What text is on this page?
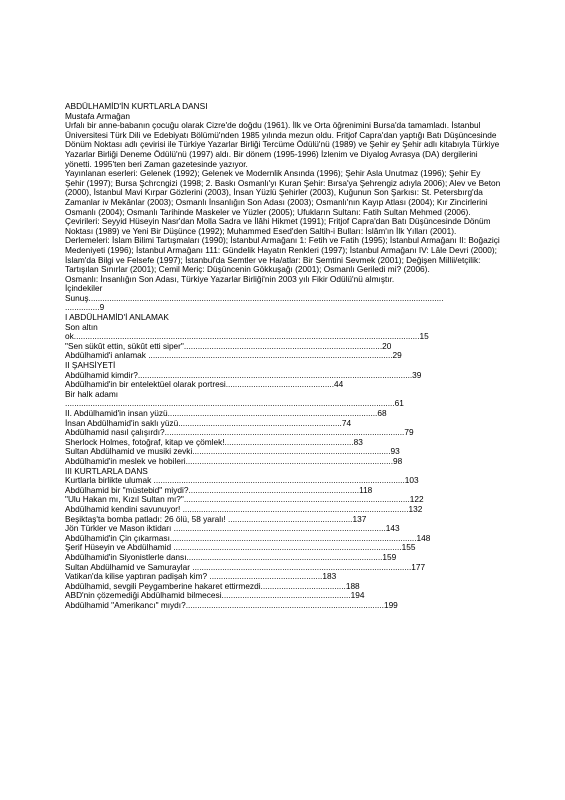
ABDÜLHAMİD'İN KURTLARLA DANSI

Mustafa Armağan

Urfalı bir anne-babanın çocuğu olarak Cizre'de doğdu (1961). İlk ve Orta öğrenimini Bursa'da tamamladı. İstanbul Üniversitesi Türk Dili ve Edebiyatı Bölümü'nden 1985 yılında mezun oldu. Fritjof Capra'dan yaptığı Batı Düşüncesinde Dönüm Noktası adlı çevirisi ile Türkiye Yazarlar Birliği Tercüme Ödülü'nü (1989) ve Şehir ey Şehir adlı kitabıyla Türkiye Yazarlar Birliği Deneme Ödülü'nü (1997) aldı. Bir dönem (1995-1996) İzlenim ve Diyalog Avrasya (DA) dergilerini yönetti. 1995'ten beri Zaman gazetesinde yazıyor.

Yayınlanan eserleri: Gelenek (1992); Gelenek ve Modernlik Ansında (1996); Şehir Asla Unutmaz (1996); Şehir Ey Şehir (1997); Bursa Şchrcngizi (1998; 2. Baskı Osmanlı'yı Kuran Şehir: Bırsa'ya Şehrengiz adıyla 2006); Alev ve Beton (2000), İstanbul Mavi Kırpar Gözlerini (2003), İnsan Yüzlü Şehirler (2003), Kuğunun Son Şarkısı: St. Petersbırg'da Zamanlar iv Mekânlar (2003); Osmanlı İnsanlığın Son Adası (2003); Osmanlı'nın Kayıp Atlası (2004); Kır Zincirlerini Osmanlı (2004); Osmanlı Tarihinde Maskeler ve Yüzler (2005); Ufukların Sultanı: Fatih Sultan Mehmed (2006).

Çevirileri: Seyyid Hüseyin Nasr'dan Molla Sadra ve İlâhi Hikmet (1991); Fritjof Capra'dan Batı Düşüncesinde Dönüm Noktası (1989) ve Yeni Bir Düşünce (1992); Muhammed Esed'den Saltih-i Bulları: İslâm'ın İlk Yılları (2001). Derlemeleri: İslam Bilimi Tartışmaları (1990); İstanbul Armağanı 1: Fetih ve Fatih (1995); İstanbul Armağanı II: Boğaziçi Medeniyeti (1996); İstanbul Armağanı 111: Gündelik Hayatın Renkleri (1997); İstanbul Armağanı IV: Lâle Devri (2000); İslam'da Bilgi ve Felsefe (1997); İstanbul'da Semtler ve Ha/atlar: Bir Semtini Sevmek (2001); Değişen Millii/etçilik: Tartışılan Sınırlar (2001); Cemil Meriç: Düşüncenin Gökkuşağı (2001); Osmanlı Geriledi mi? (2006).

Osmanlı: İnsanlığın Son Adası, Türkiye Yazarlar Birliği'nin 2003 yılı Fikir Odülü'nü almıştır.

İçindekiler

Sunuş..........................................................................................................................................................
...............9
I ABDÜLHAMİD'İ ANLAMAK
Son altın
ok......................................................................................................................................................15
"Sen sükût ettin, sükût etti siper"......................................................................................20
Abdülhamid'i anlamak ..........................................................................................................29
II ŞAHSİYETİ
Abdülhamid kimdir?.......................................................................................................................39
Abdülhamid'in bir entelektüel olarak portresi...............................................44
Bir halk adamı
...............................................................................................................................................61
II. Abdülhamid'in insan yüzü...........................................................................................68
İnsan Abdülhamid'in saklı yüzü.......................................................................74
Abdülhamid nasıl çalışırdı?........................................................................................................79
Sherlock Holmes, fotoğraf, kitap ve çömlek!........................................................83
Sultan Abdülhamid ve musiki zevki......................................................................................93
Abdülhamid'in meslek ve hobileri..........................................................................................98
III KURTLARLA DANS
Kurtlarla birlikte ulumak .............................................................................................................103
Abdülhamid bir "müstebid" miydi?..........................................................................118
"Ulu Hakan mı, Kızıl Sultan mı?"..................................................................................................122
Abdülhamid kendini savunuyor! ..................................................................................................132
Beşiktaş'ta bomba patladı: 26 ölü, 58 yaralı! ......................................................137
Jön Türkler ve Mason iktidarı ............................................................................................143
Abdülhamid'in Çin çıkarması...........................................................................................................148
Şerif Hüseyin ve Abdülhamid ...................................................................................................155
Abdülhamid'in Siyonistlerle dansı.....................................................................................159
Sultan Abdülhamid ve Samuraylar ...............................................................................................177
Vatikan'da kilise yaptıran padişah kim? .................................................183
Abdülhamid, sevgili Peygamberine hakaret ettirmezdi.....................................188
ABD'nin çözemediği Abdülhamid bilmecesi........................................................194
Abdülhamid "Amerikancı" mıydı?......................................................................................199
